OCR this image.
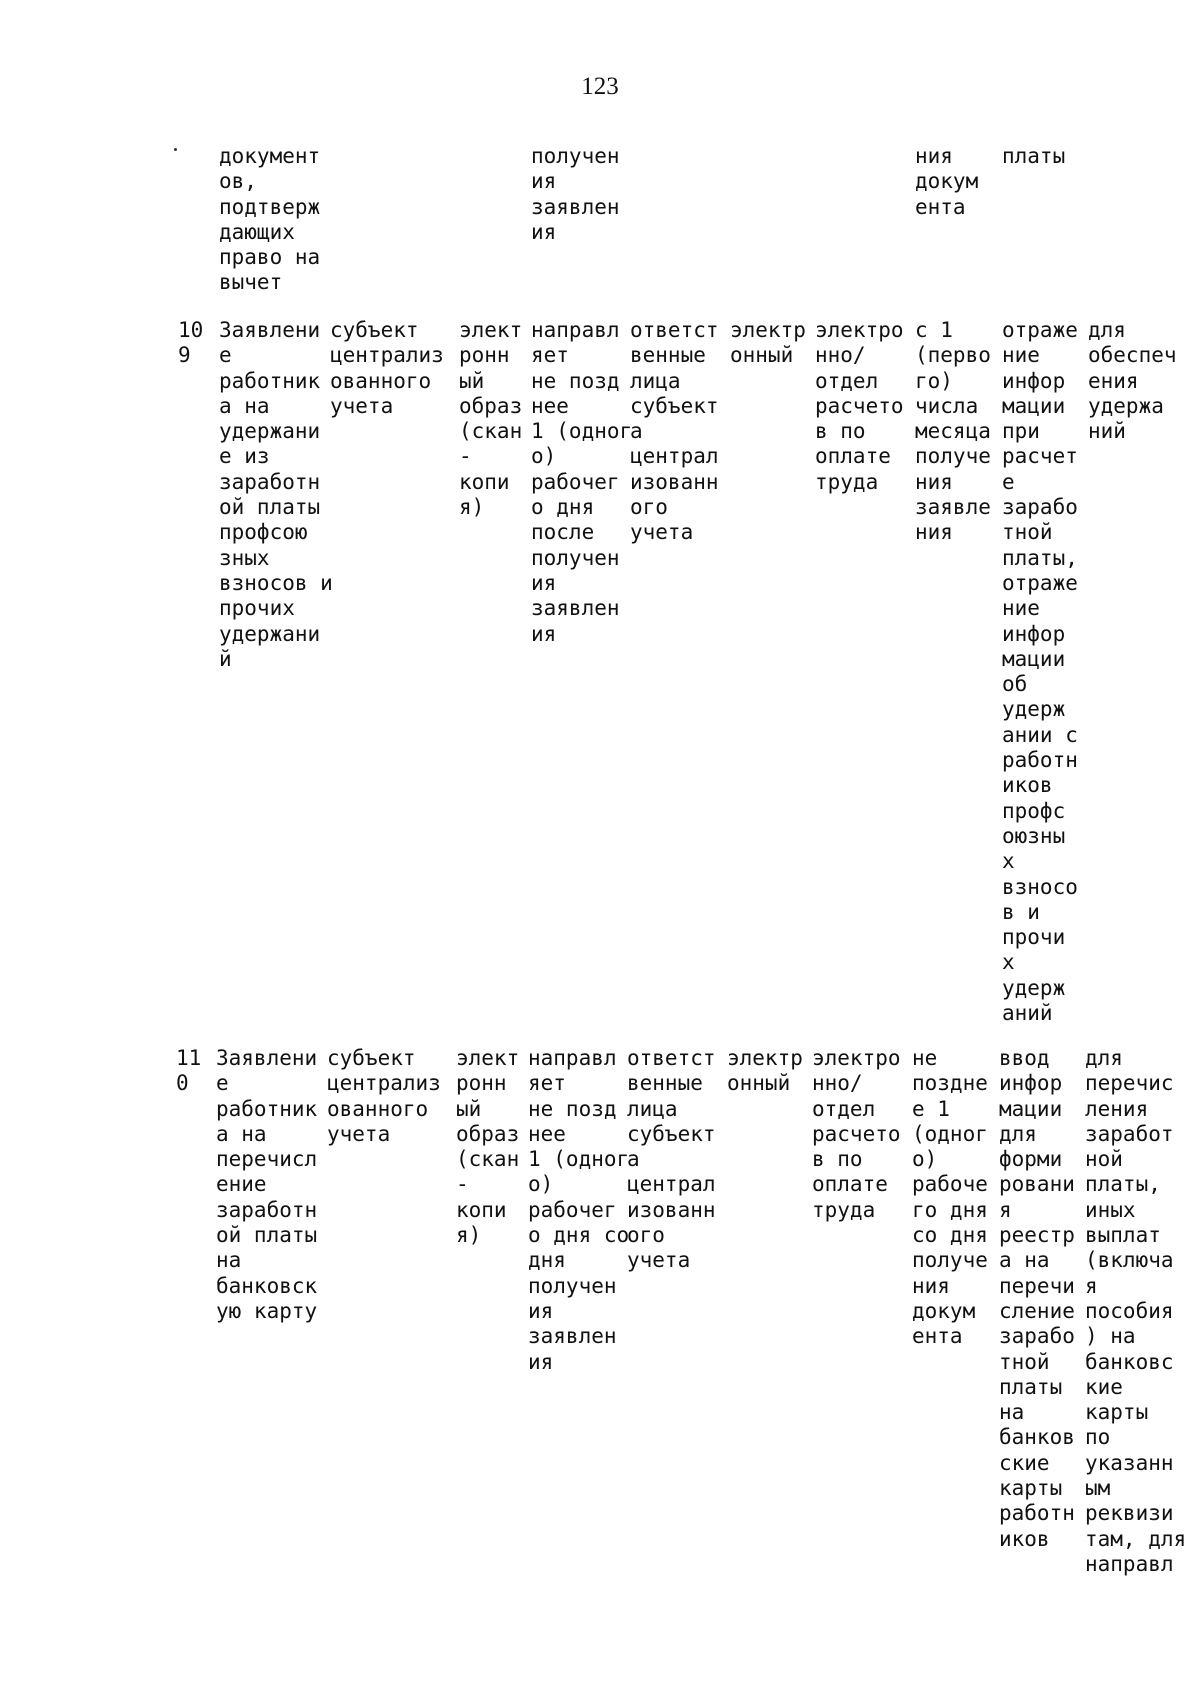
123
документ
ов,
подтверж
дающих
право на
вычет
получен
ия
заявлен
ия
ния
докум
ента
платы
10
9
Заявлени
е
работник
а на
удержани
е из
заработн
ой платы
профсою
зных
взносов и
прочих
удержани
й
субъект
централиз
ованного
учета
элект
ронн
ый
образ
(скан
-
копи
я)
направл
яет
не позд
нее
1 (одног
о)
рабочег
о дня
после
получен
ия
заявлен
ия
ответст
венные
лица
субъект
а
централ
изованн
ого
учета
электр
онный
электро
нно/
отдел
расчето
в по
оплате
труда
с 1
(перво
го)
числа
месяца
получе
ния
заявле
ния
отраже
ние
инфор
мации
при
расчет
е
зарабо
тной
платы,
отраже
ние
инфор
мации
об
удерж
ании с
работн
иков
профс
оюзны
х
взносо
в и
прочи
х
удерж
аний
для
обеспеч
ения
удержа
ний
11
0
Заявлени
е
работник
а на
перечисл
ение
заработн
ой платы
на
банковск
ую карту
субъект
централиз
ованного
учета
элект
ронн
ый
образ
(скан
-
копи
я)
направл
яет
не позд
нее
1 (одног
о)
рабочег
о дня со
дня
получен
ия
заявлен
ия
ответст
венные
лица
субъект
а
централ
изованн
ого
учета
электр
онный
электро
нно/
отдел
расчето
в по
оплате
труда
не
поздне
е 1
(одног
о)
рабоче
го дня
со дня
получе
ния
докум
ента
ввод
инфор
мации
для
форми
ровани
я
реестр
а на
перечи
сление
зарабо
тной
платы
на
банков
ские
карты
работн
иков
для
перечис
ления
заработ
ной
платы,
иных
выплат
(включа
я
пособия
) на
банковс
кие
карты
по
указанн
ым
реквизи
там, для
направл
